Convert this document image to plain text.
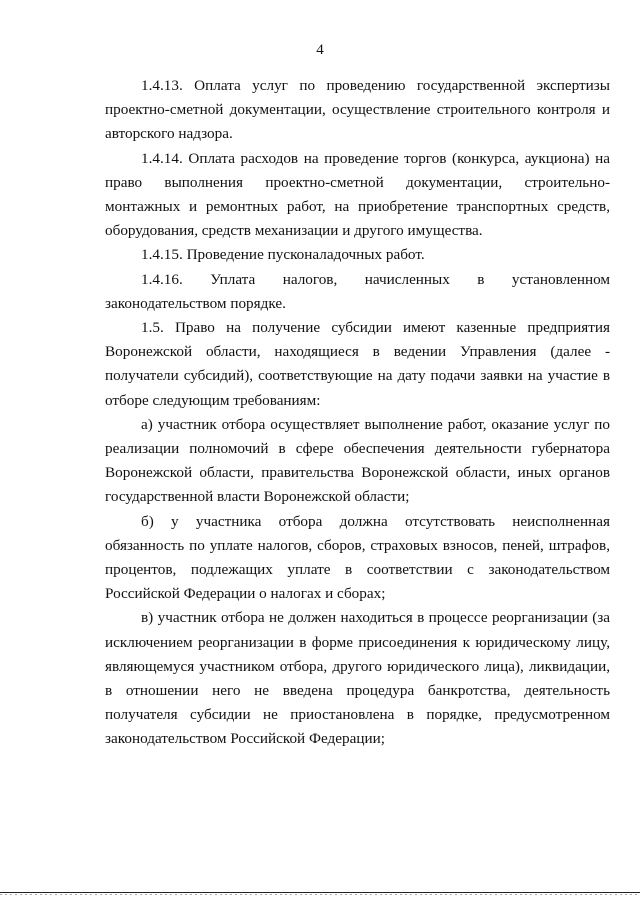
4

1.4.13. Оплата услуг по проведению государственной экспертизы проектно-сметной документации, осуществление строительного контроля и авторского надзора.

1.4.14. Оплата расходов на проведение торгов (конкурса, аукциона) на право выполнения проектно-сметной документации, строительно-монтажных и ремонтных работ, на приобретение транспортных средств, оборудования, средств механизации и другого имущества.

1.4.15. Проведение пусконаладочных работ.

1.4.16. Уплата налогов, начисленных в установленном законодательством порядке.

1.5. Право на получение субсидии имеют казенные предприятия Воронежской области, находящиеся в ведении Управления (далее - получатели субсидий), соответствующие на дату подачи заявки на участие в отборе следующим требованиям:

а) участник отбора осуществляет выполнение работ, оказание услуг по реализации полномочий в сфере обеспечения деятельности губернатора Воронежской области, правительства Воронежской области, иных органов государственной власти Воронежской области;

б) у участника отбора должна отсутствовать неисполненная обязанность по уплате налогов, сборов, страховых взносов, пеней, штрафов, процентов, подлежащих уплате в соответствии с законодательством Российской Федерации о налогах и сборах;

в) участник отбора не должен находиться в процессе реорганизации (за исключением реорганизации в форме присоединения к юридическому лицу, являющемуся участником отбора, другого юридического лица), ликвидации, в отношении него не введена процедура банкротства, деятельность получателя субсидии не приостановлена в порядке, предусмотренном законодательством Российской Федерации;
